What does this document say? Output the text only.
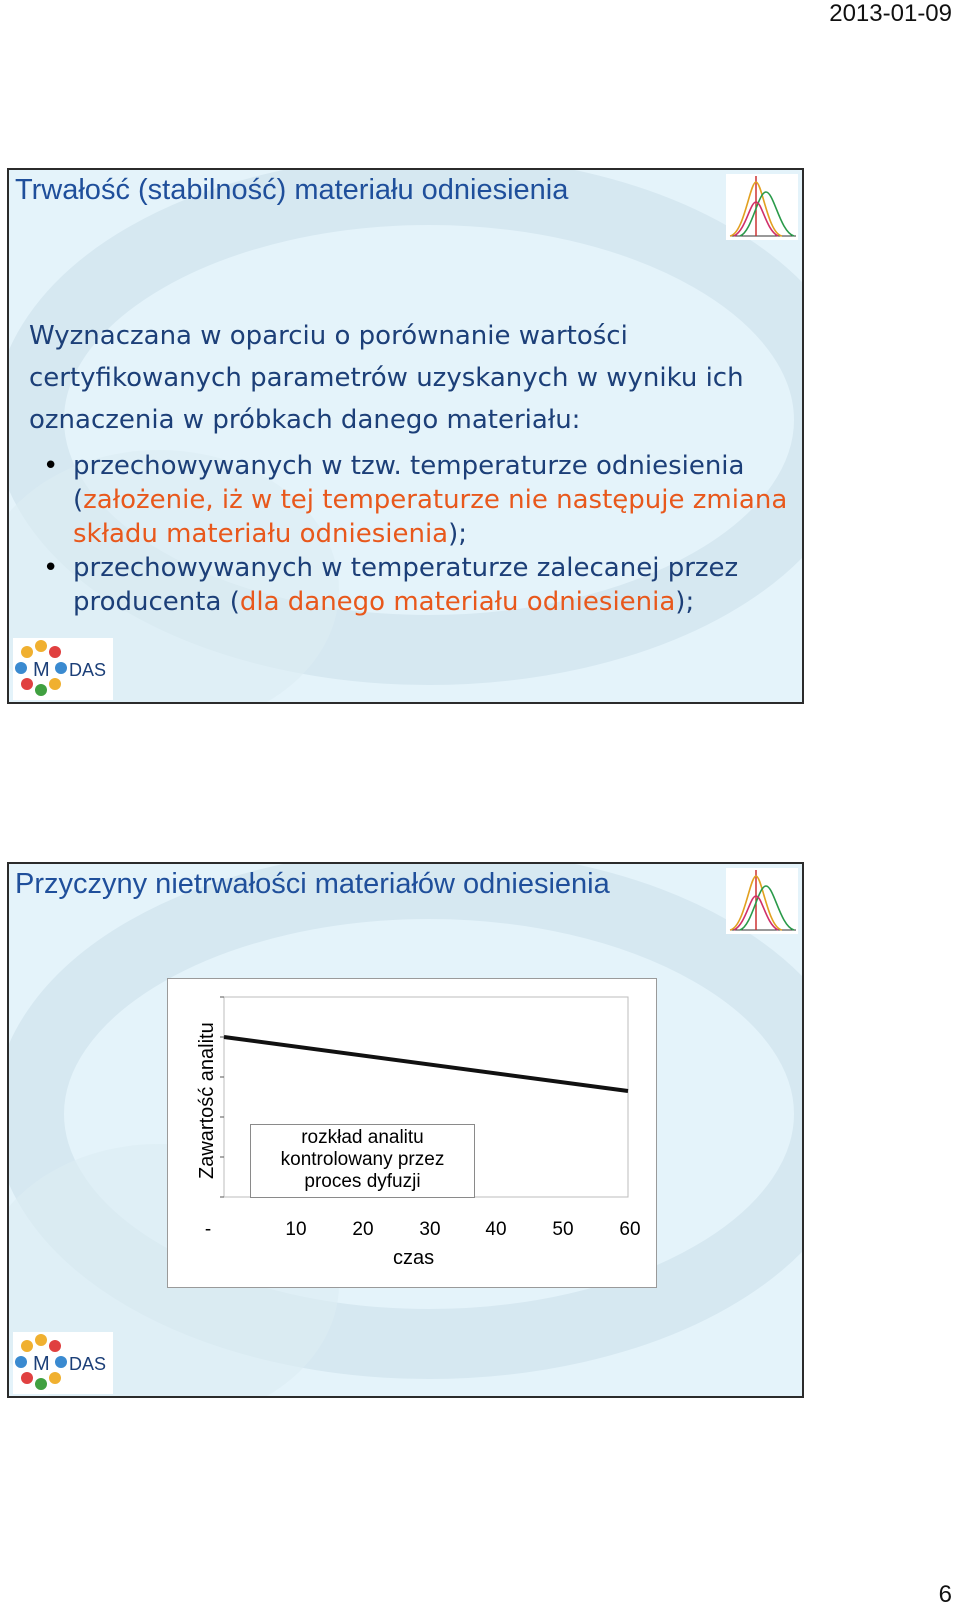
2013-01-09
Trwałość (stabilność) materiału odniesienia

Wyznaczana w oparciu o porównanie wartości certyfikowanych parametrów uzyskanych w wyniku ich oznaczenia w próbkach danego materiału:

• przechowywanych w tzw. temperaturze odniesienia (założenie, iż w tej temperaturze nie następuje zmiana składu materiału odniesienia);
• przechowywanych w temperaturze zalecanej przez producenta (dla danego materiału odniesienia);
M DAS
Przyczyny nietrwałości materiałów odniesienia
Zawartość analitu	rozkład analitu
kontrolowany przez
proces dyfuzji
-	10	20	30	40	50	60
czas
M DAS
6
